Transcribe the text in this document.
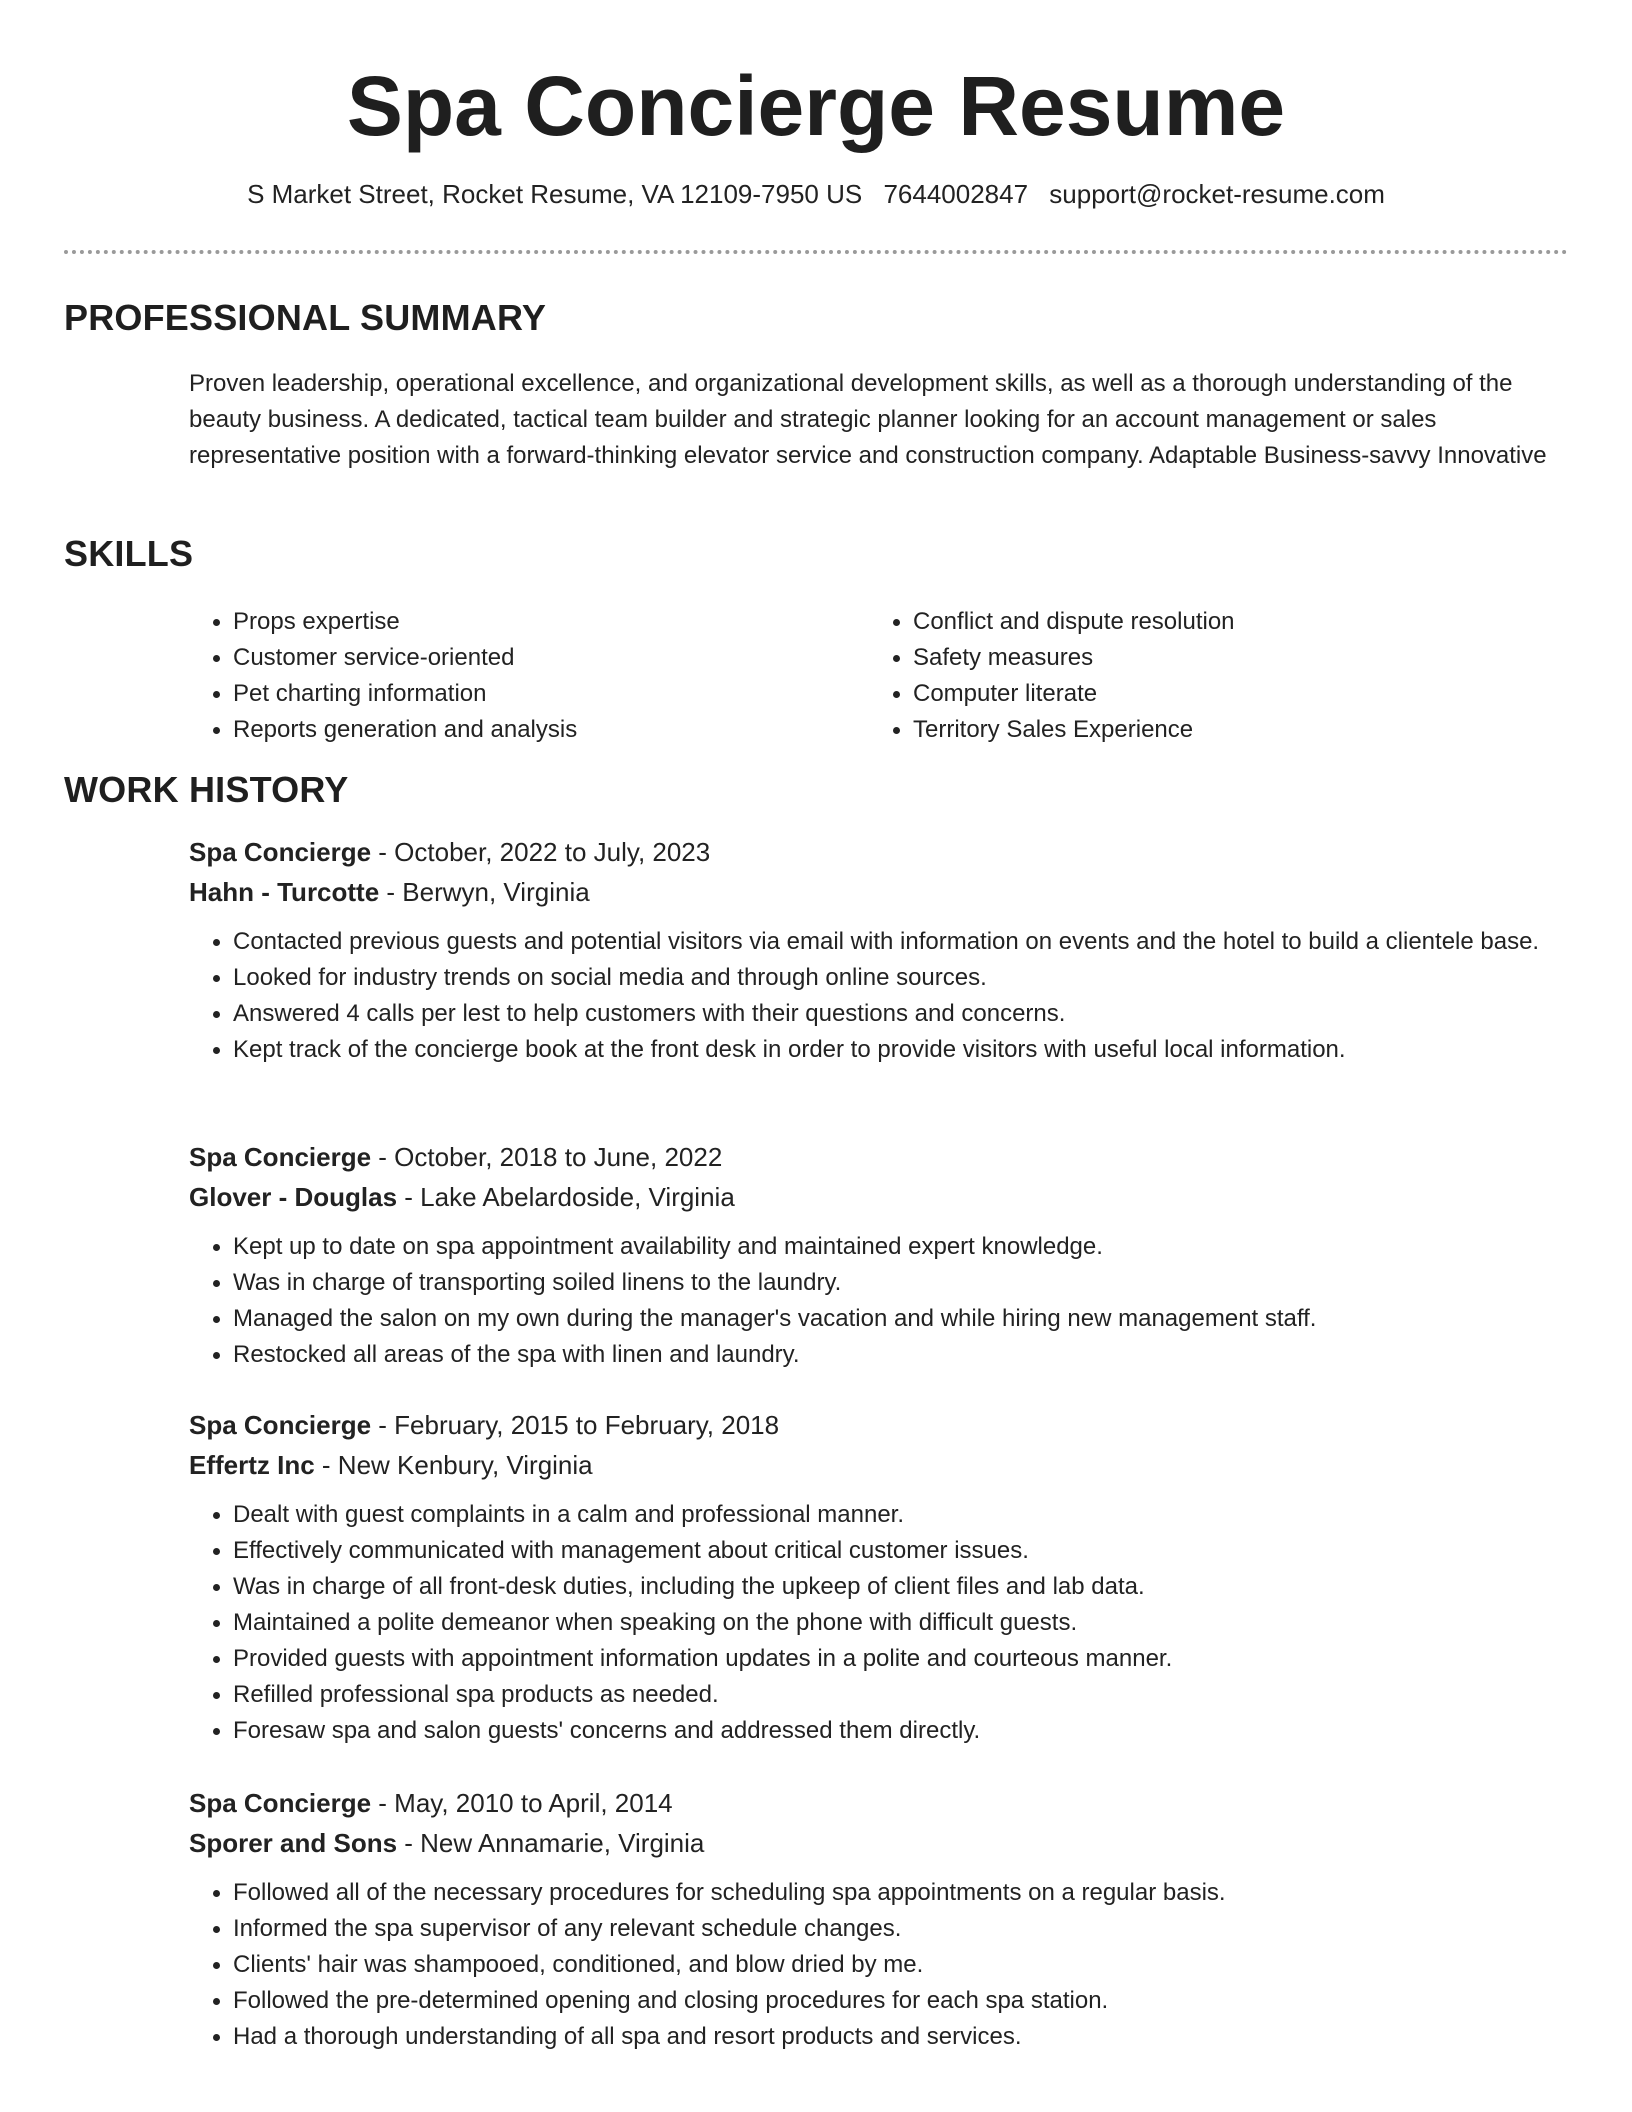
Spa Concierge Resume
S Market Street, Rocket Resume, VA 12109-7950 US 7644002847 support@rocket-resume.com
PROFESSIONAL SUMMARY

Proven leadership, operational excellence, and organizational development skills, as well as a thorough understanding of the beauty business. A dedicated, tactical team builder and strategic planner looking for an account management or sales representative position with a forward-thinking elevator service and construction company. Adaptable Business-savvy Innovative

SKILLS
• Props expertise
• Customer service-oriented
• Pet charting information
• Reports generation and analysis
• Conflict and dispute resolution
• Safety measures
• Computer literate
• Territory Sales Experience
WORK HISTORY
Spa Concierge - October, 2022 to July, 2023
Hahn - Turcotte - Berwyn, Virginia
• Contacted previous guests and potential visitors via email with information on events and the hotel to build a clientele base.
• Looked for industry trends on social media and through online sources.
• Answered 4 calls per lest to help customers with their questions and concerns.
• Kept track of the concierge book at the front desk in order to provide visitors with useful local information.
Spa Concierge - October, 2018 to June, 2022
Glover - Douglas - Lake Abelardoside, Virginia
• Kept up to date on spa appointment availability and maintained expert knowledge.
• Was in charge of transporting soiled linens to the laundry.
• Managed the salon on my own during the manager's vacation and while hiring new management staff.
• Restocked all areas of the spa with linen and laundry.
Spa Concierge - February, 2015 to February, 2018
Effertz Inc - New Kenbury, Virginia
• Dealt with guest complaints in a calm and professional manner.
• Effectively communicated with management about critical customer issues.
• Was in charge of all front-desk duties, including the upkeep of client files and lab data.
• Maintained a polite demeanor when speaking on the phone with difficult guests.
• Provided guests with appointment information updates in a polite and courteous manner.
• Refilled professional spa products as needed.
• Foresaw spa and salon guests' concerns and addressed them directly.
Spa Concierge - May, 2010 to April, 2014
Sporer and Sons - New Annamarie, Virginia
• Followed all of the necessary procedures for scheduling spa appointments on a regular basis.
• Informed the spa supervisor of any relevant schedule changes.
• Clients' hair was shampooed, conditioned, and blow dried by me.
• Followed the pre-determined opening and closing procedures for each spa station.
• Had a thorough understanding of all spa and resort products and services.
